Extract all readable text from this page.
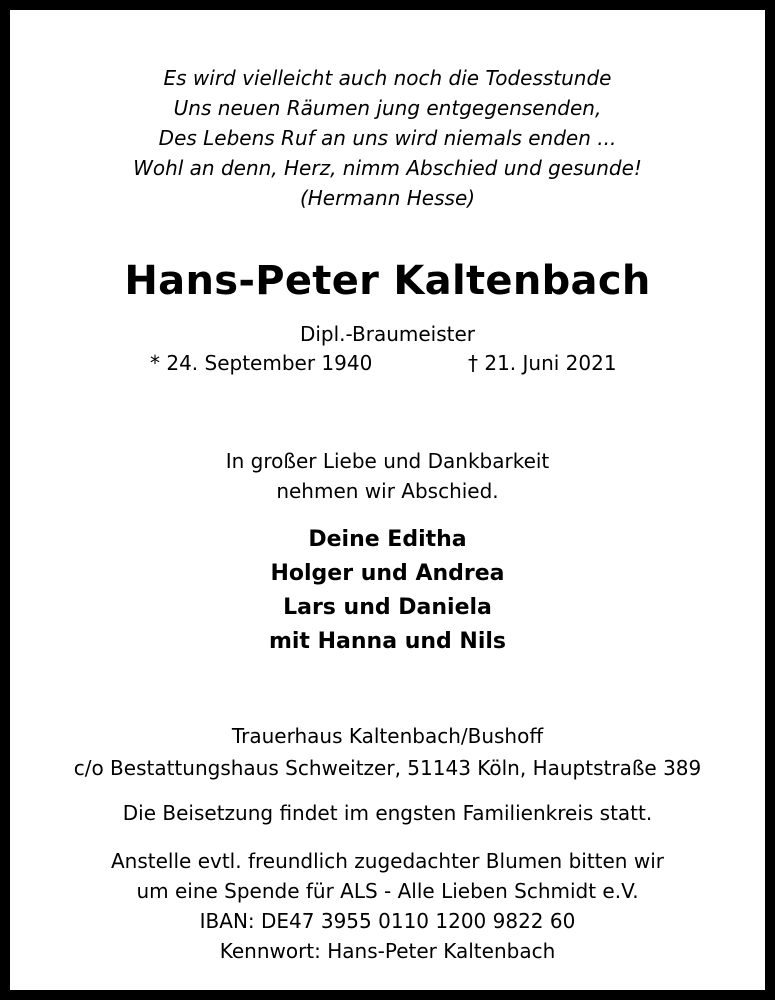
Es wird vielleicht auch noch die Todesstunde
Uns neuen Räumen jung entgegensenden,
Des Lebens Ruf an uns wird niemals enden ...
Wohl an denn, Herz, nimm Abschied und gesunde!
(Hermann Hesse)
Hans-Peter Kaltenbach
Dipl.-Braumeister
* 24. September 1940	† 21. Juni 2021
In großer Liebe und Dankbarkeit
nehmen wir Abschied.
Deine Editha
Holger und Andrea
Lars und Daniela
mit Hanna und Nils
Trauerhaus Kaltenbach/Bushoff
c/o Bestattungshaus Schweitzer, 51143 Köln, Hauptstraße 389
Die Beisetzung findet im engsten Familienkreis statt.
Anstelle evtl. freundlich zugedachter Blumen bitten wir
um eine Spende für ALS - Alle Lieben Schmidt e.V.
IBAN: DE47 3955 0110 1200 9822 60
Kennwort: Hans-Peter Kaltenbach
